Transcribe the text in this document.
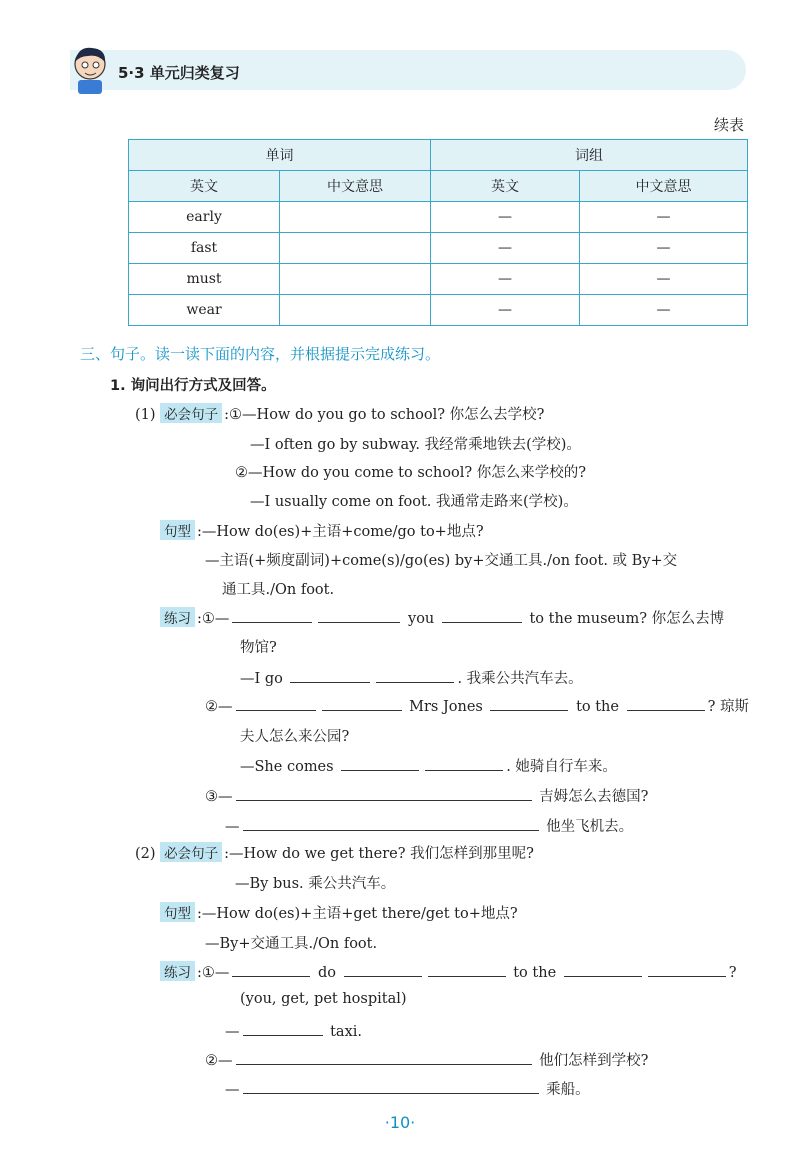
5·3 单元归类复习
续表
单词		词组	
英文	中文意思	英文	中文意思
early		—	—
fast		—	—
must		—	—
wear		—	—
三、句子。读一读下面的内容，并根据提示完成练习。
1. 询问出行方式及回答。
(1) 必会句子 :①—How do you go to school? 你怎么去学校?
—I often go by subway. 我经常乘地铁去(学校)。
②—How do you come to school? 你怎么来学校的?
—I usually come on foot. 我通常走路来(学校)。
句型 :—How do(es)+主语+come/go to+地点?
—主语(+频度副词)+come(s)/go(es) by+交通工具./on foot. 或 By+交
通工具./On foot.
练习 :①—	you	to the museum? 你怎么去博
物馆?
—I go	. 我乘公共汽车去。
②—	Mrs Jones	to the	? 琼斯
夫人怎么来公园?
—She comes	. 她骑自行车来。
③—	吉姆怎么去德国?
—	他坐飞机去。
(2) 必会句子 :—How do we get there? 我们怎样到那里呢?
—By bus. 乘公共汽车。
句型 :—How do(es)+主语+get there/get to+地点?
—By+交通工具./On foot.
练习 :①—	do	to the	?
(you, get, pet hospital)
—	taxi.
②—	他们怎样到学校?
—	乘船。
·10·
